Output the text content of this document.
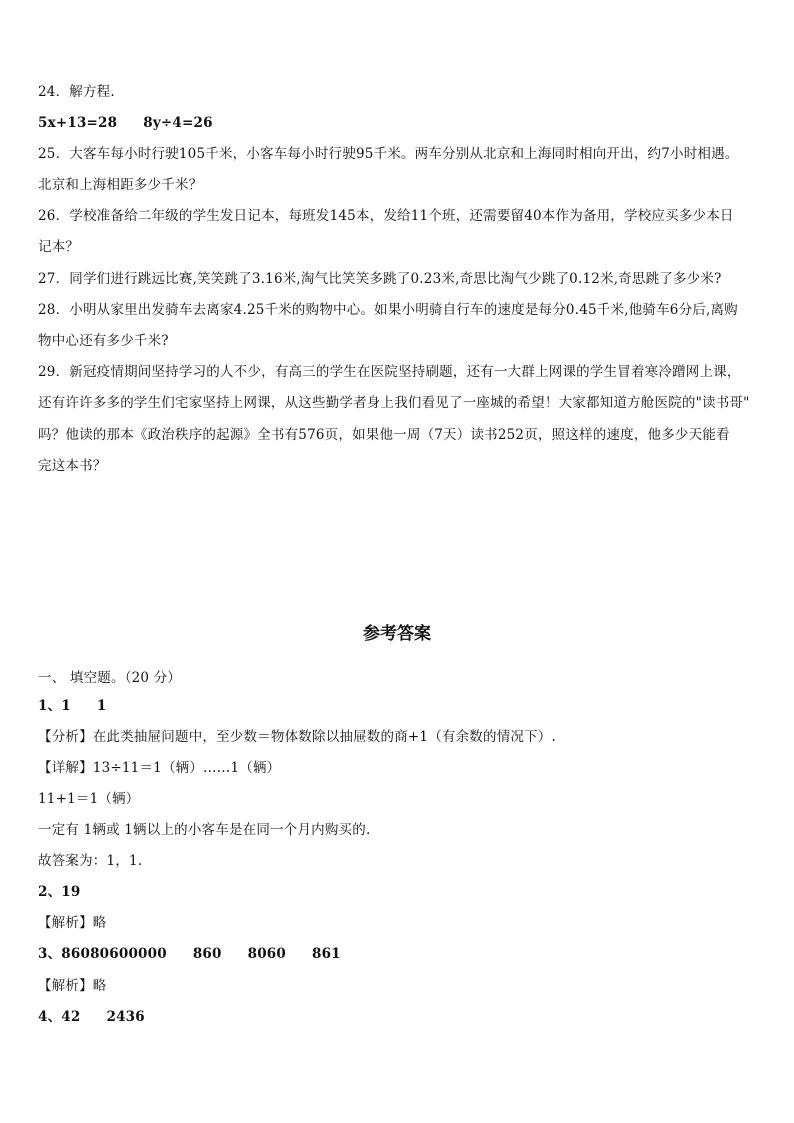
24．解方程.
5x+13=28 8y÷4=26
25．大客车每小时行驶105千米，小客车每小时行驶95千米。两车分别从北京和上海同时相向开出，约7小时相遇。
北京和上海相距多少千米？
26．学校准备给二年级的学生发日记本，每班发145本，发给11个班，还需要留40本作为备用，学校应买多少本日
记本？
27．同学们进行跳远比赛,笑笑跳了3.16米,淘气比笑笑多跳了0.23米,奇思比淘气少跳了0.12米,奇思跳了多少米?
28．小明从家里出发骑车去离家4.25千米的购物中心。如果小明骑自行车的速度是每分0.45千米,他骑车6分后,离购
物中心还有多少千米?
29．新冠疫情期间坚持学习的人不少，有高三的学生在医院坚持刷题，还有一大群上网课的学生冒着寒冷蹭网上课，
还有许许多多的学生们宅家坚持上网课，从这些勤学者身上我们看见了一座城的希望！大家都知道方舱医院的"读书哥"
吗？他读的那本《政治秩序的起源》全书有576页，如果他一周（7天）读书252页，照这样的速度，他多少天能看
完这本书？
参考答案
一、 填空题。（20 分）
1、1 1
【分析】在此类抽屉问题中，至少数＝物体数除以抽屉数的商+1（有余数的情况下）.
【详解】13÷11＝1（辆）……1（辆）
11+1＝1（辆）
一定有 1辆或 1辆以上的小客车是在同一个月内购买的.
故答案为：1，1.
2、19
【解析】略
3、86080600000 860 8060 861
【解析】略
4、42 2436
